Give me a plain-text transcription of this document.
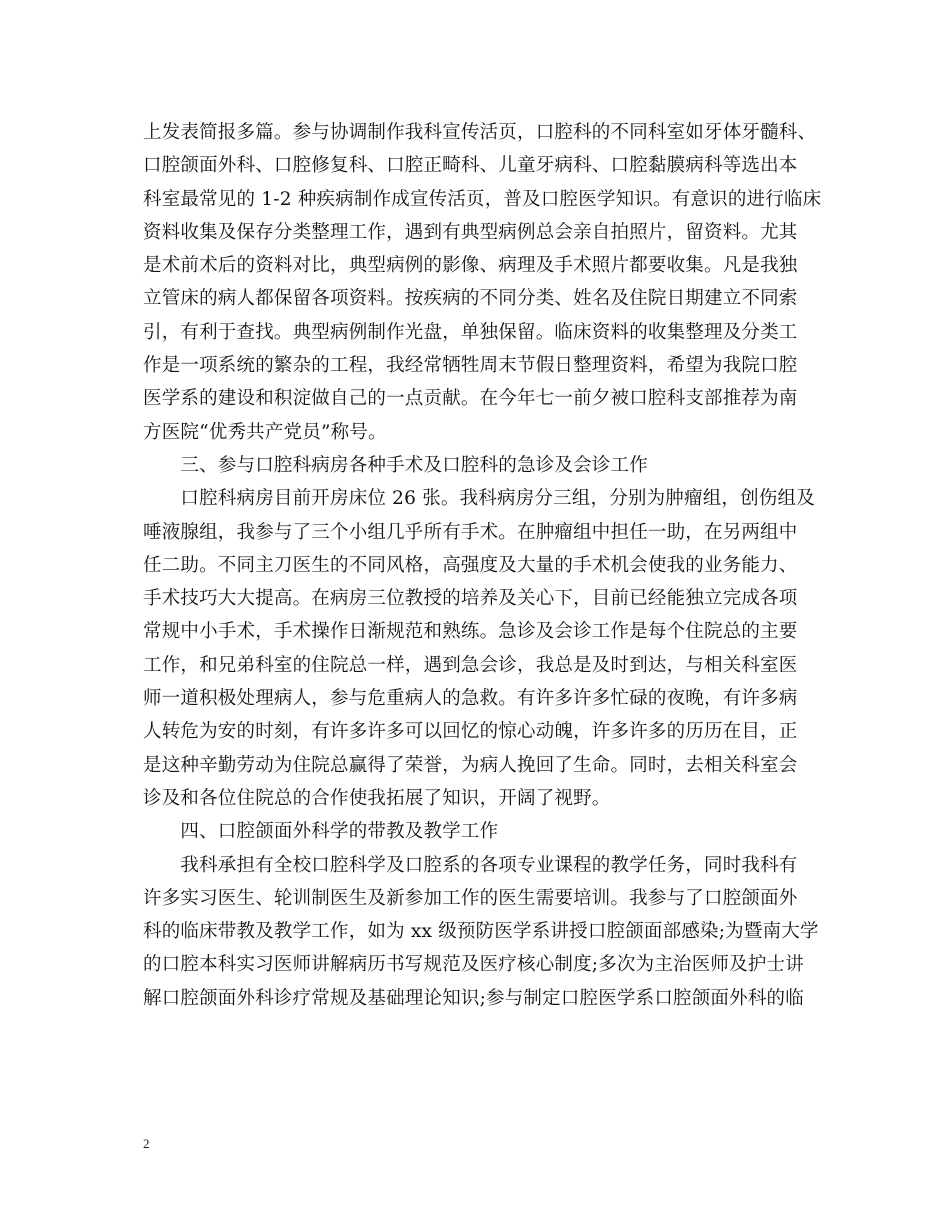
上发表简报多篇。参与协调制作我科宣传活页，口腔科的不同科室如牙体牙髓科、
口腔颌面外科、口腔修复科、口腔正畸科、儿童牙病科、口腔黏膜病科等选出本
科室最常见的 1-2 种疾病制作成宣传活页，普及口腔医学知识。有意识的进行临床
资料收集及保存分类整理工作，遇到有典型病例总会亲自拍照片，留资料。尤其
是术前术后的资料对比，典型病例的影像、病理及手术照片都要收集。凡是我独
立管床的病人都保留各项资料。按疾病的不同分类、姓名及住院日期建立不同索
引，有利于查找。典型病例制作光盘，单独保留。临床资料的收集整理及分类工
作是一项系统的繁杂的工程，我经常牺牲周末节假日整理资料，希望为我院口腔
医学系的建设和积淀做自己的一点贡献。在今年七一前夕被口腔科支部推荐为南
方医院“优秀共产党员”称号。
　　三、参与口腔科病房各种手术及口腔科的急诊及会诊工作
　　口腔科病房目前开房床位 26 张。我科病房分三组，分别为肿瘤组，创伤组及
唾液腺组，我参与了三个小组几乎所有手术。在肿瘤组中担任一助，在另两组中
任二助。不同主刀医生的不同风格，高强度及大量的手术机会使我的业务能力、
手术技巧大大提高。在病房三位教授的培养及关心下，目前已经能独立完成各项
常规中小手术，手术操作日渐规范和熟练。急诊及会诊工作是每个住院总的主要
工作，和兄弟科室的住院总一样，遇到急会诊，我总是及时到达，与相关科室医
师一道积极处理病人，参与危重病人的急救。有许多许多忙碌的夜晚，有许多病
人转危为安的时刻，有许多许多可以回忆的惊心动魄，许多许多的历历在目，正
是这种辛勤劳动为住院总赢得了荣誉，为病人挽回了生命。同时，去相关科室会
诊及和各位住院总的合作使我拓展了知识，开阔了视野。
　　四、口腔颌面外科学的带教及教学工作
　　我科承担有全校口腔科学及口腔系的各项专业课程的教学任务，同时我科有
许多实习医生、轮训制医生及新参加工作的医生需要培训。我参与了口腔颌面外
科的临床带教及教学工作，如为 xx 级预防医学系讲授口腔颌面部感染;为暨南大学
的口腔本科实习医师讲解病历书写规范及医疗核心制度;多次为主治医师及护士讲
解口腔颌面外科诊疗常规及基础理论知识;参与制定口腔医学系口腔颌面外科的临
2
